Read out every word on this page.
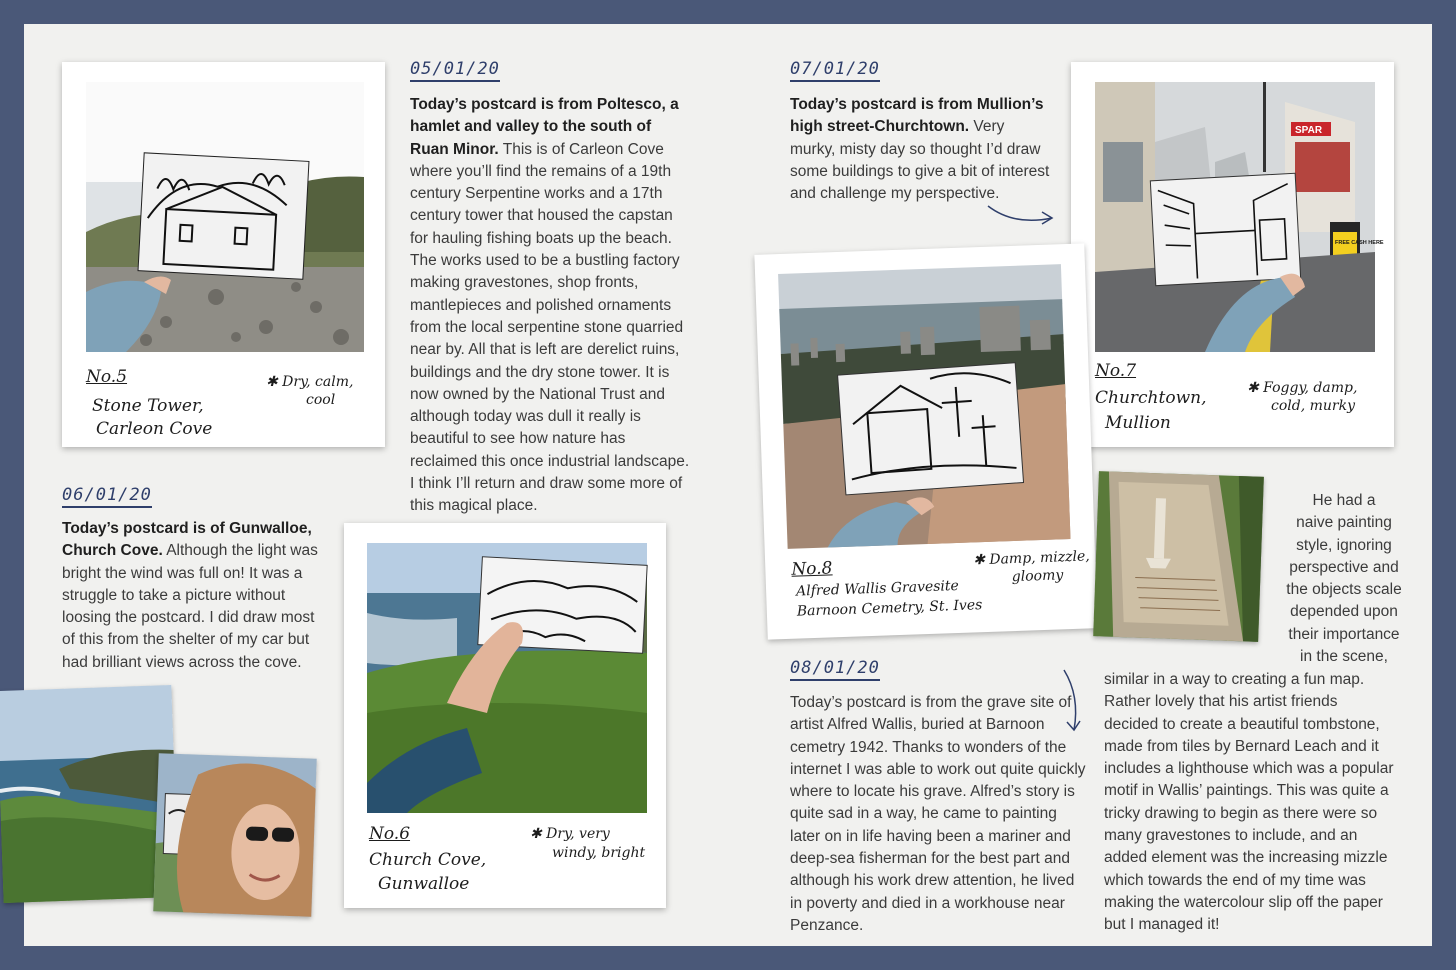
No.5
Stone Tower,
Carleon Cove
✱ Dry, calm,
cool
05/01/20

Today’s postcard is from Poltesco, a hamlet and valley to the south of Ruan Minor. This is of Carleon Cove where you’ll find the remains of a 19th century Serpentine works and a 17th century tower that housed the capstan for hauling fishing boats up the beach. The works used to be a bustling factory making gravestones, shop fronts, mantlepieces and polished ornaments from the local serpentine stone quarried near by. All that is left are derelict ruins, buildings and the dry stone tower. It is now owned by the National Trust and although today was dull it really is beautiful to see how nature has reclaimed this once industrial landscape. I think I’ll return and draw some more of this magical place.

06/01/20

Today’s postcard is of Gunwalloe, Church Cove. Although the light was bright the wind was full on! It was a struggle to take a picture without loosing the postcard. I did draw most of this from the shelter of my car but had brilliant views across the cove.

No.6
Church Cove,
Gunwalloe
✱ Dry, very
windy, bright
07/01/20

Today’s postcard is from Mullion’s high street-Churchtown. Very murky, misty day so thought I’d draw some buildings to give a bit of interest and challenge my perspective.

SPAR
FREE CASH HERE
No.7
Churchtown,
Mullion
✱ Foggy, damp,
cold, murky
No.8
Alfred Wallis Gravesite
Barnoon Cemetry, St. Ives
✱ Damp, mizzle,
gloomy
08/01/20

Today’s postcard is from the grave site of artist Alfred Wallis, buried at Barnoon cemetry 1942. Thanks to wonders of the internet I was able to work out quite quickly where to locate his grave. Alfred’s story is quite sad in a way, he came to painting later on in life having been a mariner and deep-sea fisherman for the best part and although his work drew attention, he lived in poverty and died in a workhouse near Penzance.

He had a
naive painting
style, ignoring
perspective and
the objects scale
depended upon
their importance
in the scene,

similar in a way to creating a fun map. Rather lovely that his artist friends decided to create a beautiful tombstone, made from tiles by Bernard Leach and it includes a lighthouse which was a popular motif in Wallis’ paintings. This was quite a tricky drawing to begin as there were so many gravestones to include, and an added element was the increasing mizzle which towards the end of my time was making the watercolour slip off the paper but I managed it!
